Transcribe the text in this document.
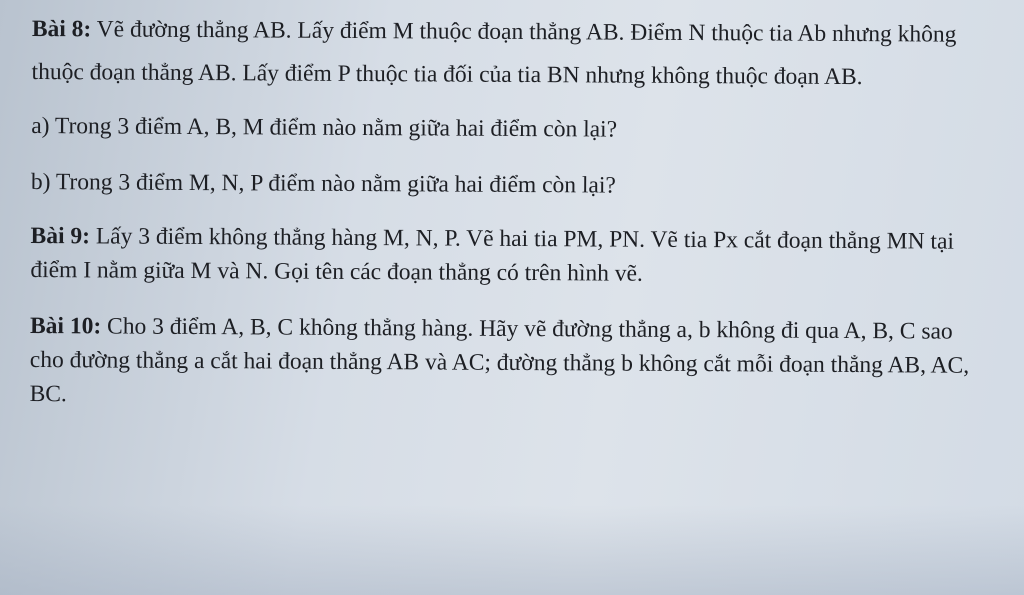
Bài 8: Vẽ đường thẳng AB. Lấy điểm M thuộc đoạn thẳng AB. Điểm N thuộc tia Ab nhưng không thuộc đoạn thẳng AB. Lấy điểm P thuộc tia đối của tia BN nhưng không thuộc đoạn AB.

a) Trong 3 điểm A, B, M điểm nào nằm giữa hai điểm còn lại?

b) Trong 3 điểm M, N, P điểm nào nằm giữa hai điểm còn lại?

Bài 9: Lấy 3 điểm không thẳng hàng M, N, P. Vẽ hai tia PM, PN. Vẽ tia Px cắt đoạn thẳng MN tại điểm I nằm giữa M và N. Gọi tên các đoạn thẳng có trên hình vẽ.

Bài 10: Cho 3 điểm A, B, C không thẳng hàng. Hãy vẽ đường thẳng a, b không đi qua A, B, C sao cho đường thẳng a cắt hai đoạn thẳng AB và AC; đường thẳng b không cắt mỗi đoạn thẳng AB, AC, BC.
